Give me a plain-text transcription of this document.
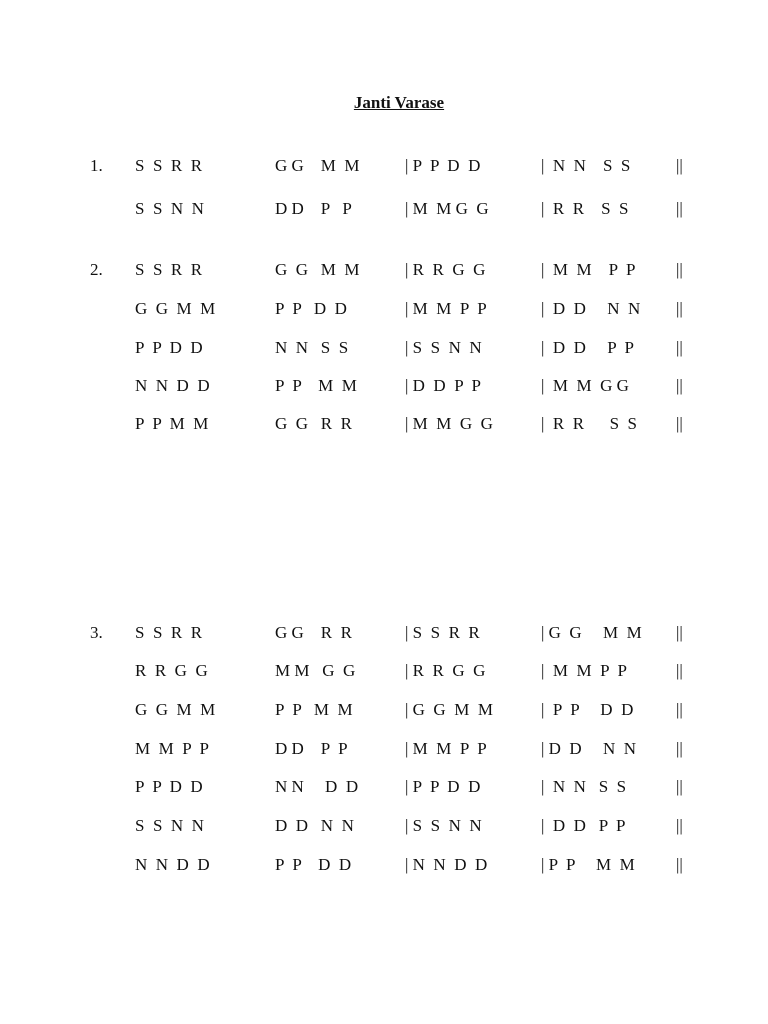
Janti Varase

1.

S  S  R  R

	G G    M  M

	| P  P  D  D

	|  N  N    S  S

	||

S  S  N  N

	D D    P   P

	| M  M G  G

	|  R  R    S  S

	||

2.

S  S  R  R

	G  G   M  M

	| R  R  G  G

	|  M  M    P  P

||

G  G  M  M

	P  P   D  D

	| M  M  P  P

	|  D  D     N  N

||

P  P  D  D

	N  N   S  S

	| S  S  N  N

	|  D  D     P  P

||

N  N  D  D

	P  P    M  M

	| D  D  P  P

	|  M  M  G G

	||

P  P  M  M

	G  G   R  R

	| M  M  G  G

	|  R  R      S  S

||

3.

S  S  R  R

	G G    R  R

	| S  S  R  R

	| G  G     M  M

||

R  R  G  G

	M M   G  G

	| R  R  G  G

	|  M  M  P  P

	||

G  G  M  M

	P  P   M  M

	| G  G  M  M

	|  P  P     D  D

	||

M  M  P  P

	D D    P  P

	| M  M  P  P

	| D  D     N  N

||

P  P  D  D

	N N     D  D

	| P  P  D  D

	|  N  N   S  S

	||

S  S  N  N

	D  D   N  N

	| S  S  N  N

	|  D  D   P  P

	||

N  N  D  D

	P  P    D  D

	| N  N  D  D

	| P  P     M  M

||
